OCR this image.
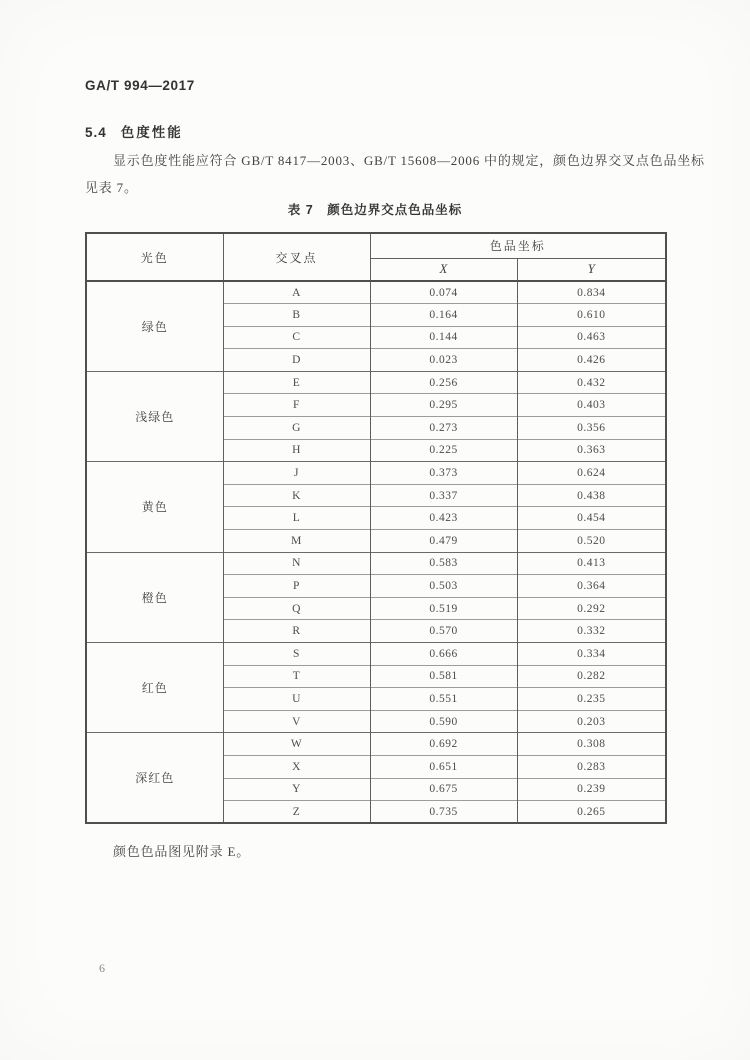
GA/T 994—2017
5.4 色度性能

显示色度性能应符合 GB/T 8417—2003、GB/T 15608—2006 中的规定，颜色边界交叉点色品坐标

见表 7。

表 7　颜色边界交点色品坐标
光色	交叉点	色品坐标	
		X	Y
绿色	A	0.074	0.834
	B	0.164	0.610
	C	0.144	0.463
	D	0.023	0.426
浅绿色	E	0.256	0.432
	F	0.295	0.403
	G	0.273	0.356
	H	0.225	0.363
黄色	J	0.373	0.624
	K	0.337	0.438
	L	0.423	0.454
	M	0.479	0.520
橙色	N	0.583	0.413
	P	0.503	0.364
	Q	0.519	0.292
	R	0.570	0.332
红色	S	0.666	0.334
	T	0.581	0.282
	U	0.551	0.235
	V	0.590	0.203
深红色	W	0.692	0.308
	X	0.651	0.283
	Y	0.675	0.239
	Z	0.735	0.265

颜色色品图见附录 E。

6
